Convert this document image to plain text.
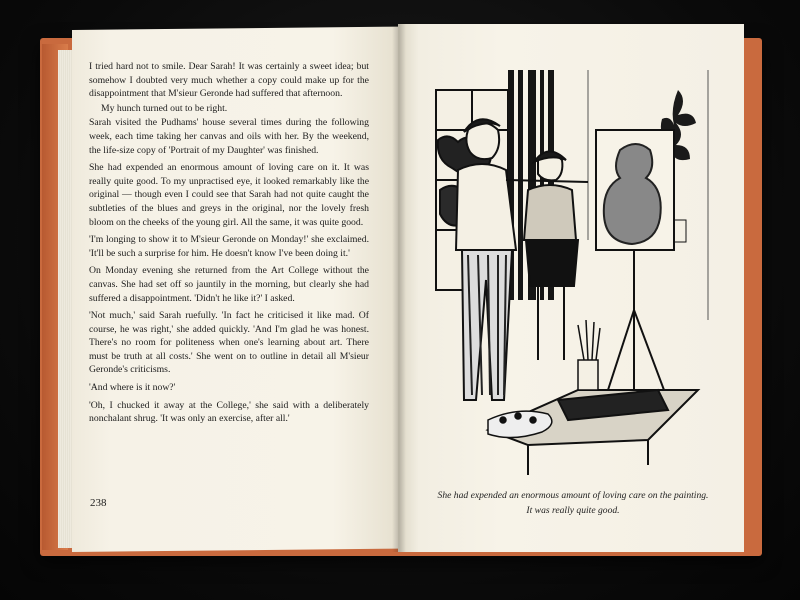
I tried hard not to smile. Dear Sarah! It was certainly a sweet idea; but somehow I doubted very much whether a copy could make up for the disappointment that M'sieur Geronde had suffered that afternoon.

My hunch turned out to be right.

Sarah visited the Pudhams' house several times during the following week, each time taking her canvas and oils with her. By the weekend, the life-size copy of 'Portrait of my Daughter' was finished.

She had expended an enormous amount of loving care on it. It was really quite good. To my unpractised eye, it looked remarkably like the original — though even I could see that Sarah had not quite caught the subtleties of the blues and greys in the original, nor the lovely fresh bloom on the cheeks of the young girl. All the same, it was quite good.

'I'm longing to show it to M'sieur Geronde on Monday!' she exclaimed. 'It'll be such a surprise for him. He doesn't know I've been doing it.'

On Monday evening she returned from the Art College without the canvas. She had set off so jauntily in the morning, but clearly she had suffered a disappointment. 'Didn't he like it?' I asked.

'Not much,' said Sarah ruefully. 'In fact he criticised it like mad. Of course, he was right,' she added quickly. 'And I'm glad he was honest. There's no room for politeness when one's learning about art. There must be truth at all costs.' She went on to outline in detail all M'sieur Geronde's criticisms.

'And where is it now?'

'Oh, I chucked it away at the College,' she said with a deliberately nonchalant shrug. 'It was only an exercise, after all.'

238
She had expended an enormous amount of loving care on the painting.
It was really quite good.
